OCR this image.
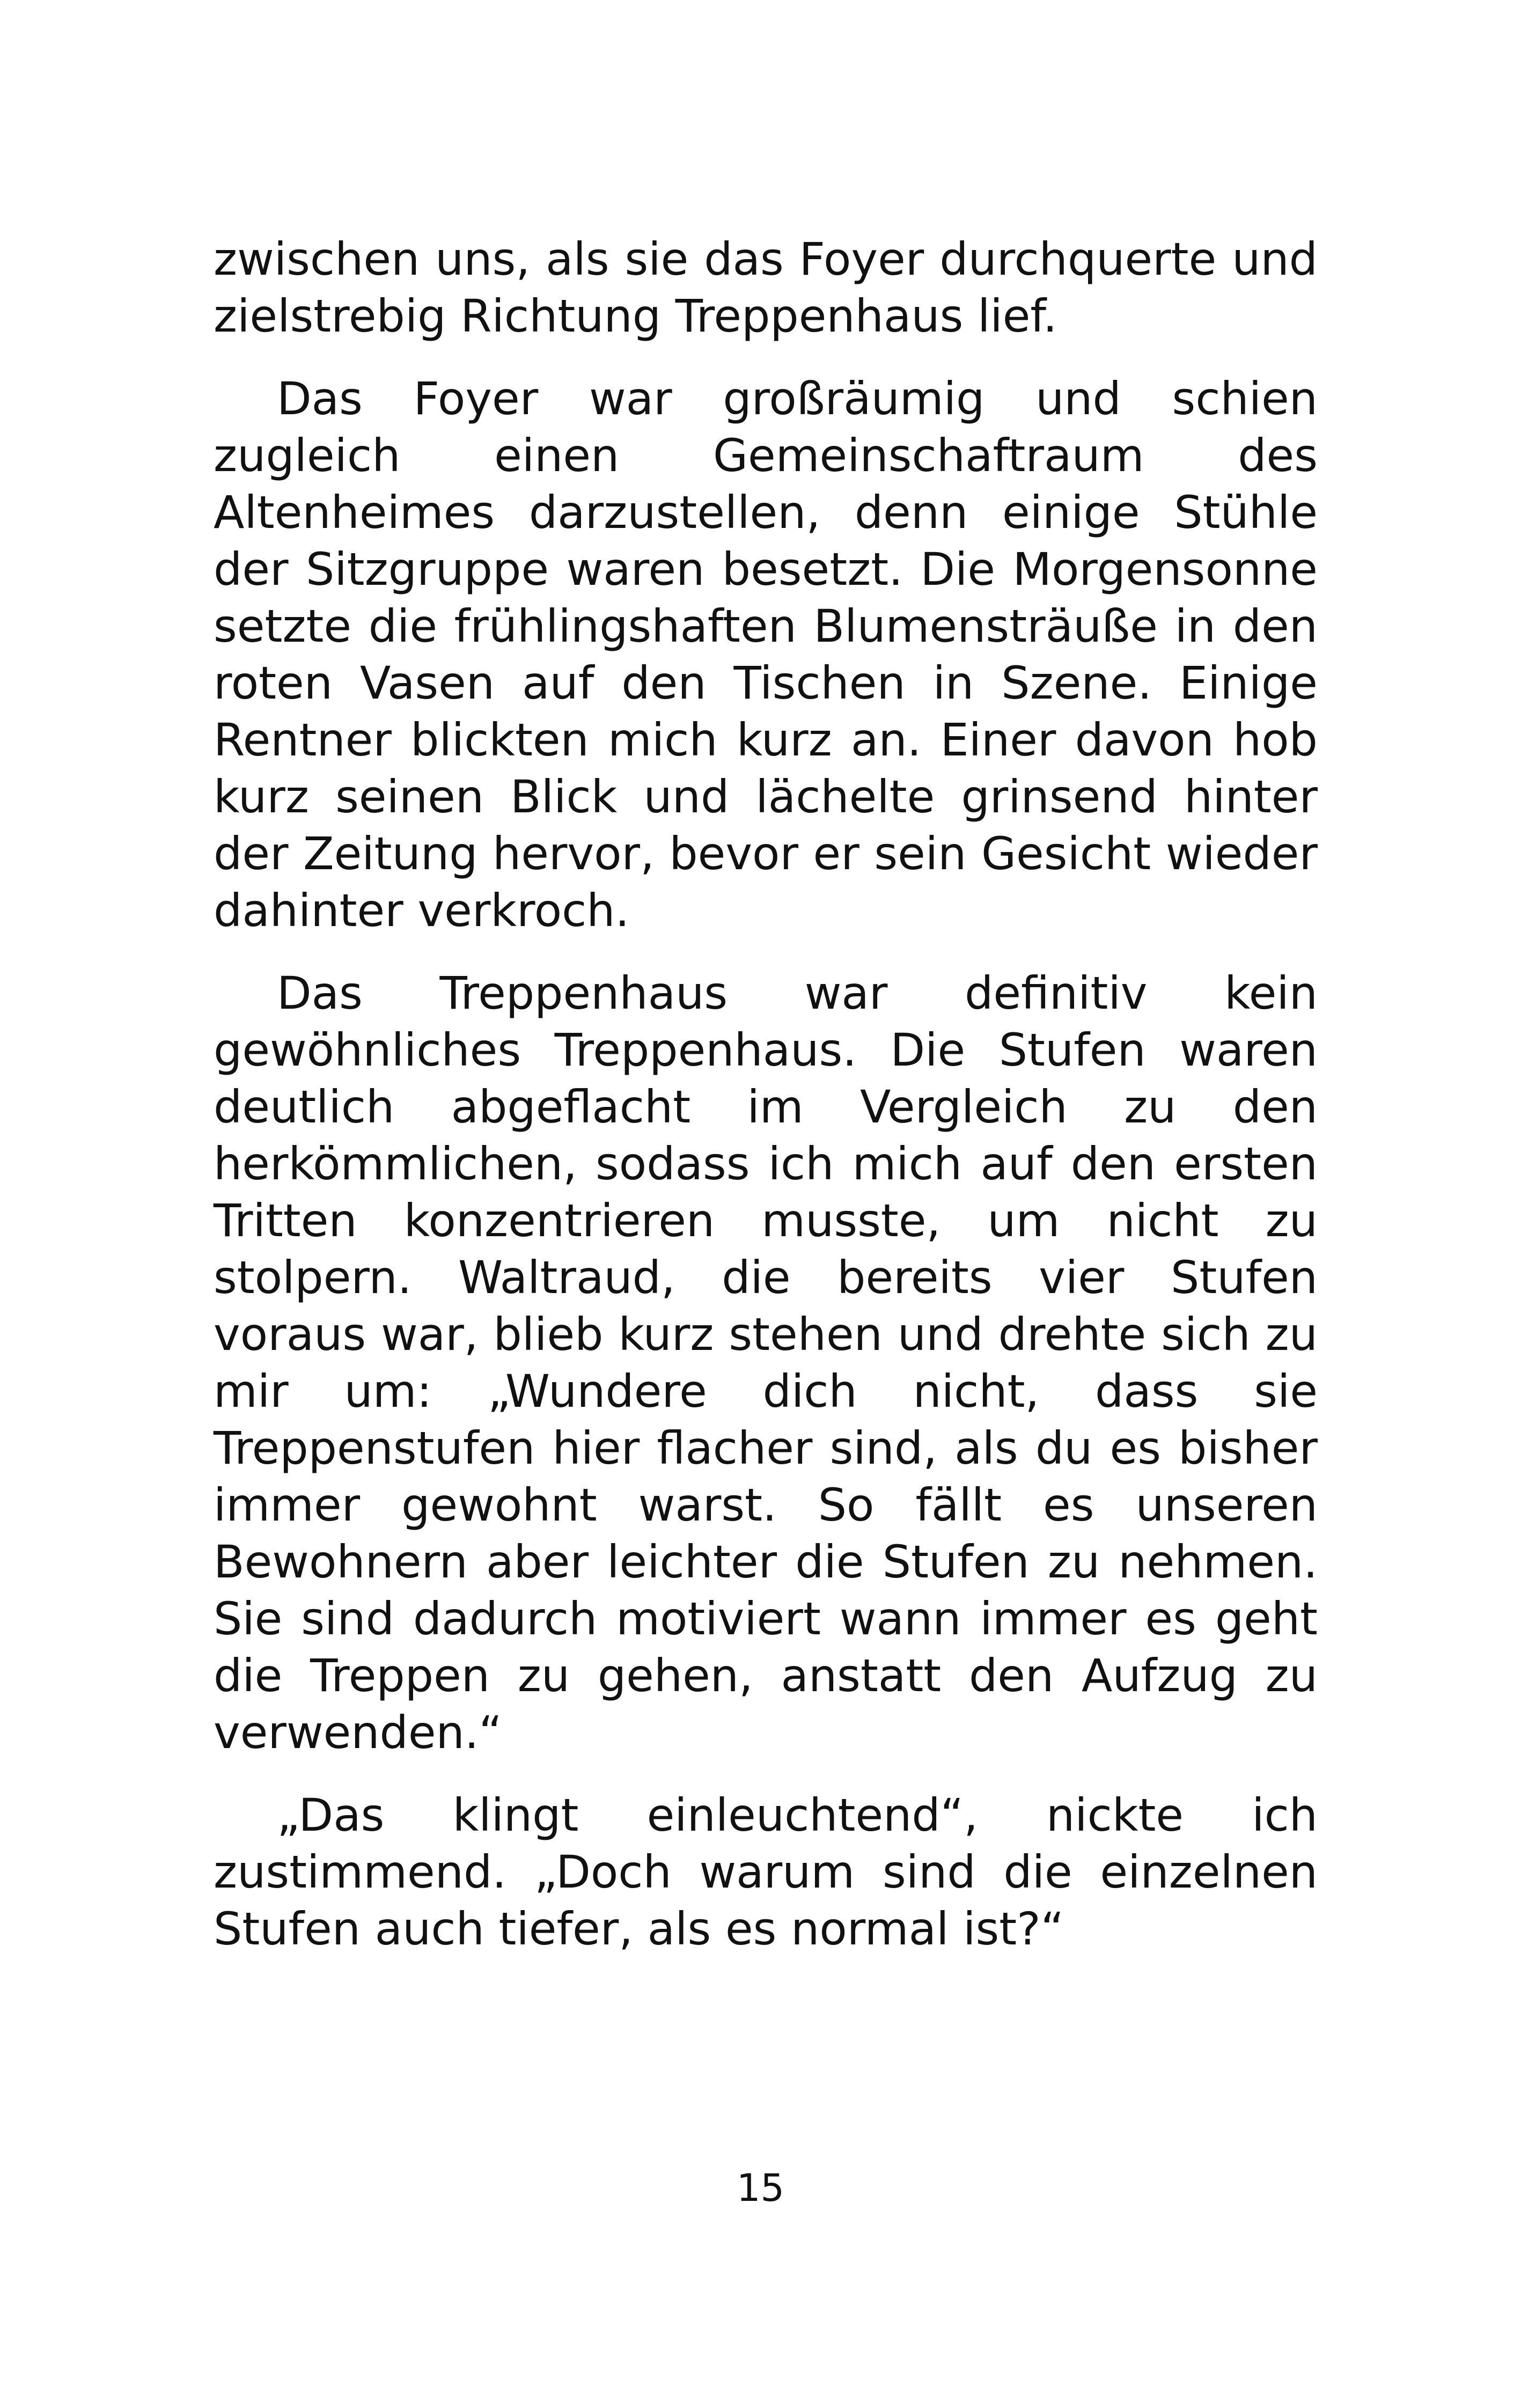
zwischen uns, als sie das Foyer durchquerte und zielstrebig Richtung Treppenhaus lief.

Das Foyer war großräumig und schien zugleich einen Gemeinschaftraum des Altenheimes darzustellen, denn einige Stühle der Sitzgruppe waren besetzt. Die Morgensonne setzte die frühlingshaften Blumensträuße in den roten Vasen auf den Tischen in Szene. Einige Rentner blickten mich kurz an. Einer davon hob kurz seinen Blick und lächelte grinsend hinter der Zeitung hervor, bevor er sein Gesicht wieder dahinter verkroch.

Das Treppenhaus war definitiv kein gewöhnliches Treppenhaus. Die Stufen waren deutlich abgeflacht im Vergleich zu den herkömmlichen, sodass ich mich auf den ersten Tritten konzentrieren musste, um nicht zu stolpern. Waltraud, die bereits vier Stufen voraus war, blieb kurz stehen und drehte sich zu mir um: „Wundere dich nicht, dass sie Treppenstufen hier flacher sind, als du es bisher immer gewohnt warst. So fällt es unseren Bewohnern aber leichter die Stufen zu nehmen. Sie sind dadurch motiviert wann immer es geht die Treppen zu gehen, anstatt den Aufzug zu verwenden.“

„Das klingt einleuchtend“, nickte ich zustimmend. „Doch warum sind die einzelnen Stufen auch tiefer, als es normal ist?“

15
